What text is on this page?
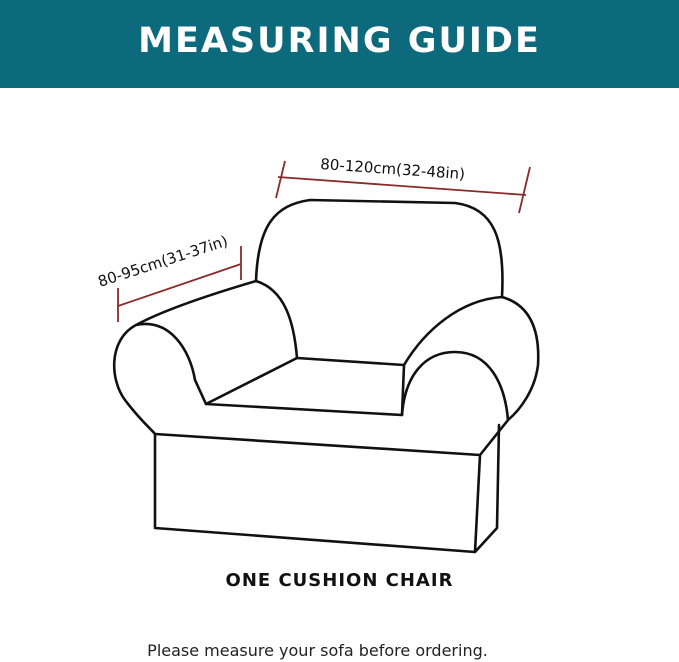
MEASURING GUIDE
80-120cm(32-48in)
80-95cm(31-37in)
ONE CUSHION CHAIR
Please measure your sofa before ordering.
